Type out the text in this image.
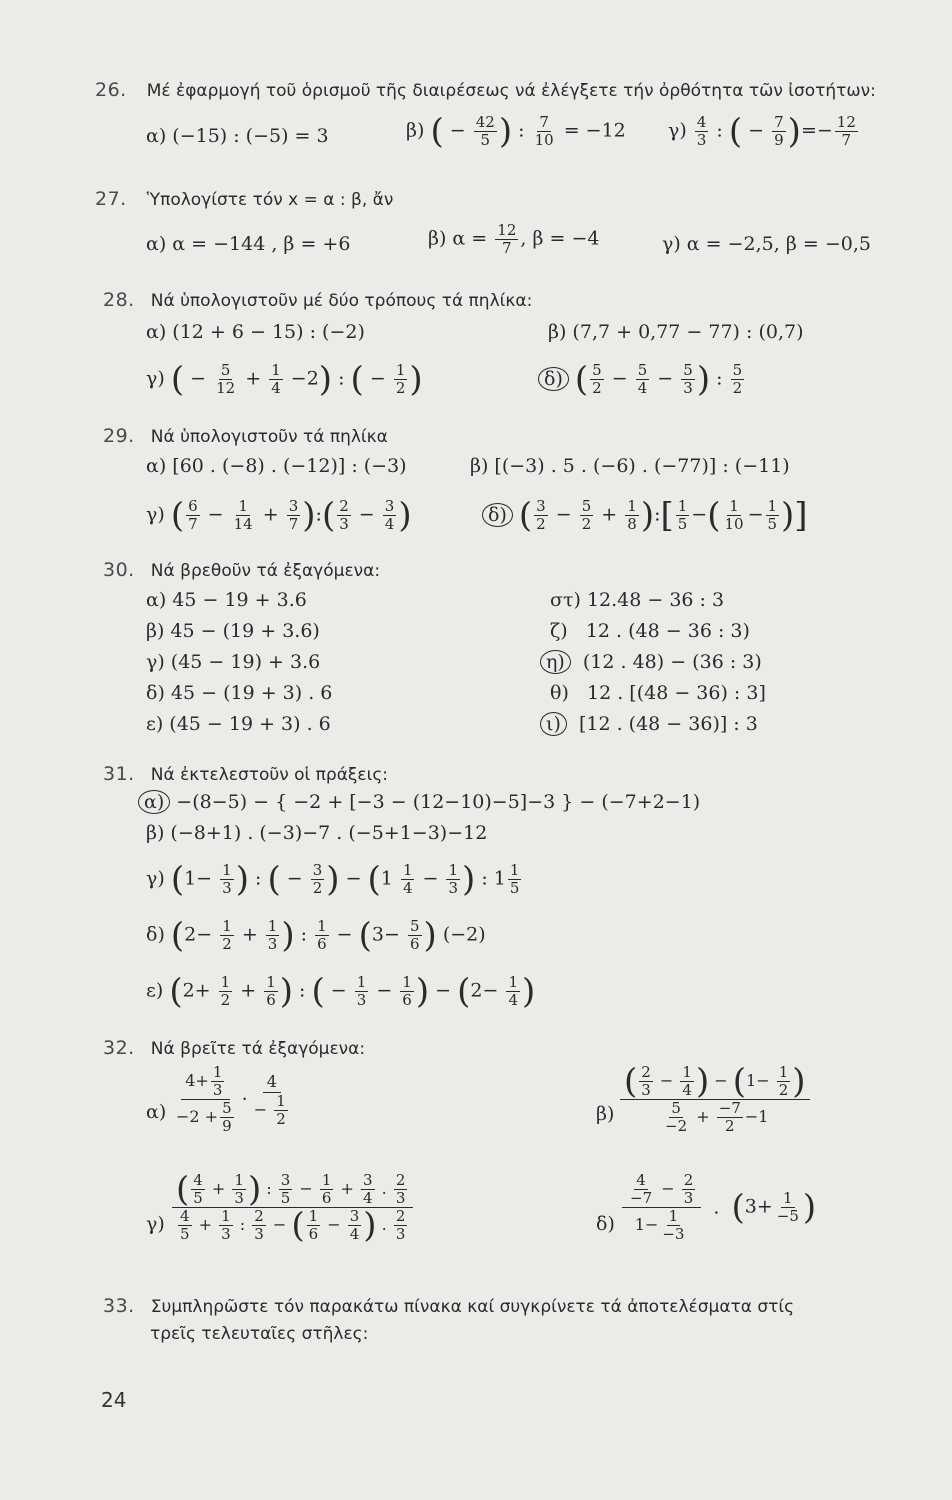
26. Μέ ἐφαρμογή τοῦ ὁρισμοῦ τῆς διαιρέσεως νά ἐλέγξετε τήν ὀρθότητα τῶν ἰσοτήτων:
α) (−15) : (−5) = 3	β) ( − $\frac{42}{5}$ ) : $\frac{7}{10} = -12$ $\gamma) \frac{4}{3}$ : ( − $\frac{7}{9}$ )=− $\frac{12}{7}$
27. Ὑπολογίστε τόν x = α : β, ἄν
α) α = −144 , β = +6	β) $\alpha = \frac{12}{7}$ , β = −4	γ) α = −2,5, β = −0,5
28. Νά ὑπολογιστοῦν μέ δύο τρόπους τά πηλίκα:
α) (12 + 6 − 15) : (−2)	β) (7,7 + 0,77 − 77) : (0,7)
γ) ( − $\frac{5}{12} + \frac{1}{4} -2$) : ( − $\frac{1}{2}$ )	δ) ( $\frac{5}{2} - \frac{5}{4} - \frac{5}{3}$ ) : $\frac{5}{2}$
29. Νά ὑπολογιστοῦν τά πηλίκα
α) [60 . (−8) . (−12)] : (−3)	β) [(−3) . 5 . (−6) . (−77)] : (−11)
γ) ( $\frac{6}{7} - \frac{1}{14} + \frac{3}{7}$ ):( $\frac{2}{3} - \frac{3}{4}$ )	δ) ( $\frac{3}{2} - \frac{5}{2} + \frac{1}{8}$ ):[ $\frac{1}{5}$ −( $\frac{1}{10} - \frac{1}{5}$ )]
30. Νά βρεθοῦν τά ἐξαγόμενα:
α) 45 − 19 + 3.6
β) 45 − (19 + 3.6)
γ) (45 − 19) + 3.6
δ) 45 − (19 + 3) . 6
ε) (45 − 19 + 3) . 6
στ) 12.48 − 36 : 3
ζ) 12 . (48 − 36 : 3)
η) (12 . 48) − (36 : 3)
θ) 12 . [(48 − 36) : 3]
ι) [12 . (48 − 36)] : 3
31. Νά ἐκτελεστοῦν οἱ πράξεις:
α) −(8−5) − { −2 + [−3 − (12−10)−5]−3 } − (−7+2−1)
β) (−8+1) . (−3)−7 . (−5+1−3)−12
γ) ($1- \frac{1}{3}$ ) : ( − $\frac{3}{2}$ ) − ($1 \frac{1}{4} - \frac{1}{3}$ ) : $1 \frac{1}{5}$
δ) ($2- \frac{1}{2} + \frac{1}{3}$ ) : $\frac{1}{6} - (3- \frac{5}{6}$ ) (−2)
ε) ($2+ \frac{1}{2} + \frac{1}{6}$ ) : ( − $\frac{1}{3} - \frac{1}{6}$ ) − ($2- \frac{1}{4}$ )
32. Νά βρεῖτε τά ἐξαγόμενα:
$\alpha) \frac{4+ \frac{1}{3}}{-2 + \frac{5}{9}} \cdot \frac{4}{- \frac{1}{2}}$	$\beta) \frac{( \frac{2}{3} - \frac{1}{4} ) - (1- \frac{1}{2} )}{\frac{5}{-2} + \frac{-7}{2} -1}$
$\gamma) \frac{( \frac{4}{5} + \frac{1}{3} ) : \frac{3}{5} - \frac{1}{6} + \frac{3}{4} . \frac{2}{3}}{\frac{4}{5} + \frac{1}{3} : \frac{2}{3} - ( \frac{1}{6} - \frac{3}{4} ) . \frac{2}{3}}$	$\delta) \frac{\frac{4}{-7} - \frac{2}{3}}{1- \frac{1}{-3}}$ .  ($3+ \frac{1}{-5}$ )
33. Συμπληρῶστε τόν παρακάτω πίνακα καί συγκρίνετε τά ἀποτελέσματα στίς
τρεῖς τελευταῖες στῆλες:
24
